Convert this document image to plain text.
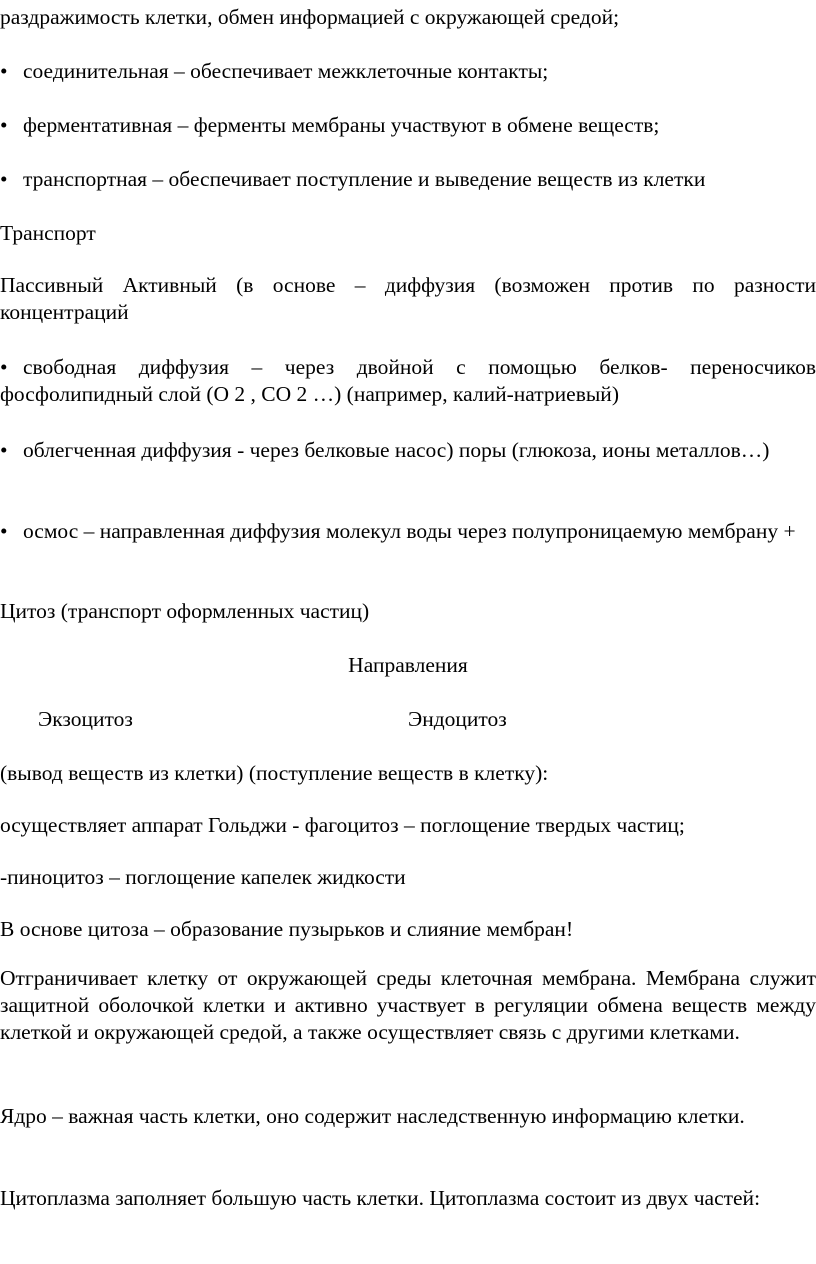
раздражимость клетки, обмен информацией с окружающей средой;
• соединительная – обеспечивает межклеточные контакты;
• ферментативная – ферменты мембраны участвуют в обмене веществ;
• транспортная – обеспечивает поступление и выведение веществ из клетки
Транспорт
Пассивный Активный (в основе – диффузия (возможен против по разности концентраций
• свободная диффузия – через двойной с помощью белков- переносчиков фосфолипидный слой (О 2 , СО 2 …) (например, калий-натриевый)
• облегченная диффузия - через белковые насос) поры (глюкоза, ионы металлов…)
• осмос – направленная диффузия молекул воды через полупроницаемую мембрану +
Цитоз (транспорт оформленных частиц)
Направления
Экзоцитоз	Эндоцитоз
(вывод веществ из клетки) (поступление веществ в клетку):
осуществляет аппарат Гольджи - фагоцитоз – поглощение твердых частиц;
-пиноцитоз – поглощение капелек жидкости
В основе цитоза – образование пузырьков и слияние мембран!
Отграничивает клетку от окружающей среды клеточная мембрана. Мембрана служит защитной оболочкой клетки и активно участвует в регуляции обмена веществ между клеткой и окружающей средой, а также осуществляет связь с другими клетками.
Ядро – важная часть клетки, оно содержит наследственную информацию клетки.
Цитоплазма заполняет большую часть клетки. Цитоплазма состоит из двух частей:
